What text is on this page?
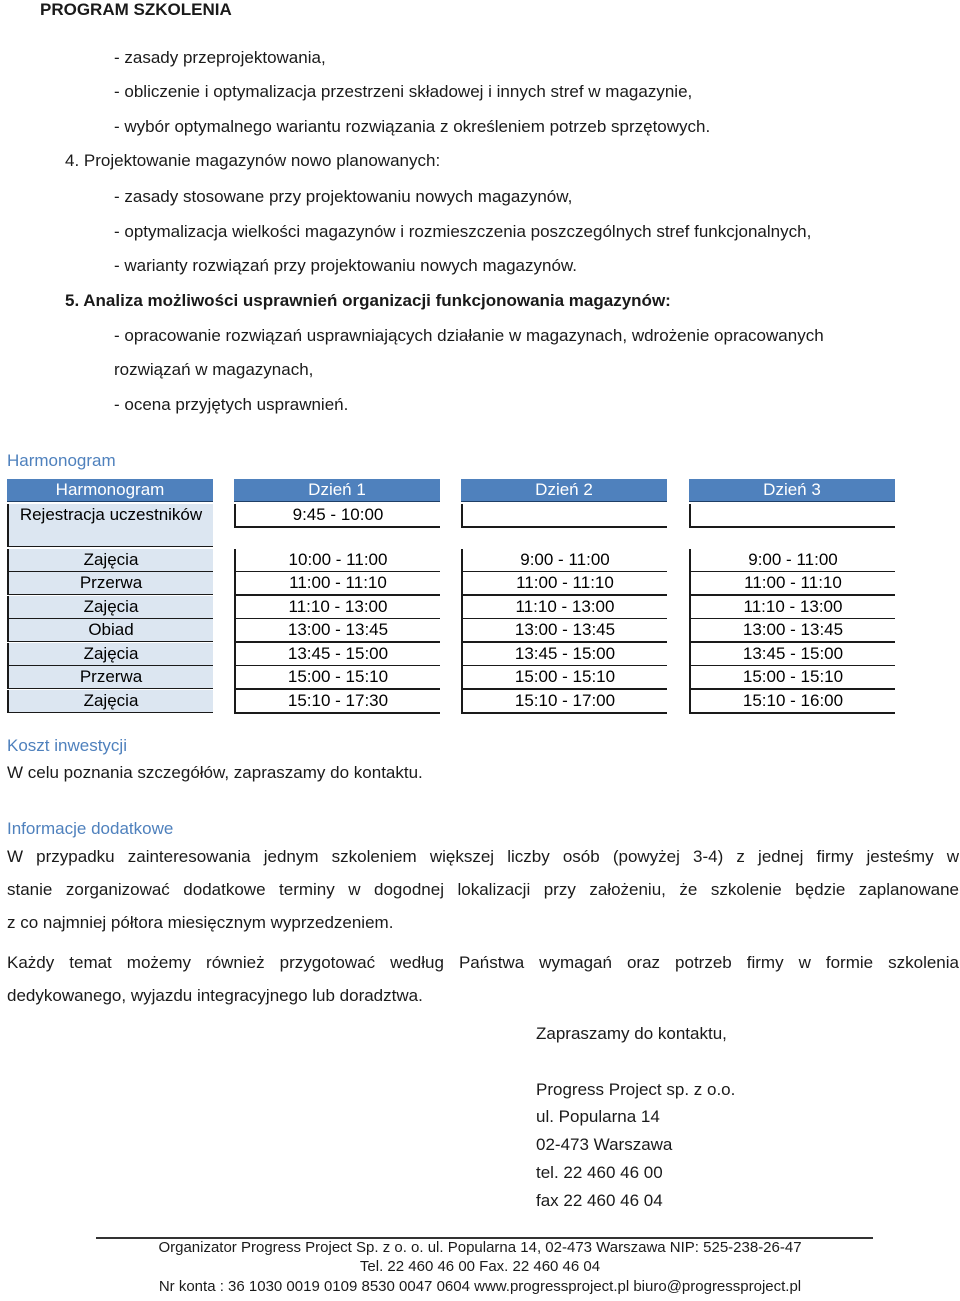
PROGRAM SZKOLENIA
- zasady przeprojektowania,
- obliczenie i optymalizacja przestrzeni składowej i innych stref w magazynie,
- wybór optymalnego wariantu rozwiązania z określeniem potrzeb sprzętowych.
4. Projektowanie magazynów nowo planowanych:
- zasady stosowane przy projektowaniu nowych magazynów,
- optymalizacja wielkości magazynów i rozmieszczenia poszczególnych stref funkcjonalnych,
- warianty rozwiązań przy projektowaniu nowych magazynów.
5. Analiza możliwości usprawnień organizacji funkcjonowania magazynów:
- opracowanie rozwiązań usprawniających działanie w magazynach, wdrożenie opracowanych
rozwiązań w magazynach,
- ocena przyjętych usprawnień.
Harmonogram
Harmonogram	Dzień 1	Dzień 2	Dzień 3
Rejestracja uczestników	9:45 - 10:00
Zajęcia	10:00 - 11:00	9:00 - 11:00	9:00 - 11:00
Przerwa	11:00 - 11:10	11:00 - 11:10	11:00 - 11:10
Zajęcia	11:10 - 13:00	11:10 - 13:00	11:10 - 13:00
Obiad	13:00 - 13:45	13:00 - 13:45	13:00 - 13:45
Zajęcia	13:45 - 15:00	13:45 - 15:00	13:45 - 15:00
Przerwa	15:00 - 15:10	15:00 - 15:10	15:00 - 15:10
Zajęcia	15:10 - 17:30	15:10 - 17:00	15:10 - 16:00
Koszt inwestycji
W celu poznania szczegółów, zapraszamy do kontaktu.
Informacje dodatkowe
W przypadku zainteresowania jednym szkoleniem większej liczby osób (powyżej 3-4) z jednej firmy jesteśmy w
stanie zorganizować dodatkowe terminy w dogodnej lokalizacji przy założeniu, że szkolenie będzie zaplanowane
z co najmniej półtora miesięcznym wyprzedzeniem.
Każdy temat możemy również przygotować według Państwa wymagań oraz potrzeb firmy w formie szkolenia
dedykowanego, wyjazdu integracyjnego lub doradztwa.
Zapraszamy do kontaktu,
Progress Project sp. z o.o.
ul. Popularna 14
02-473 Warszawa
tel. 22 460 46 00
fax 22 460 46 04
Organizator Progress Project Sp. z o. o. ul. Popularna 14, 02-473 Warszawa NIP: 525-238-26-47
Tel. 22 460 46 00 Fax. 22 460 46 04
Nr konta : 36 1030 0019 0109 8530 0047 0604 www.progressproject.pl biuro@progressproject.pl
